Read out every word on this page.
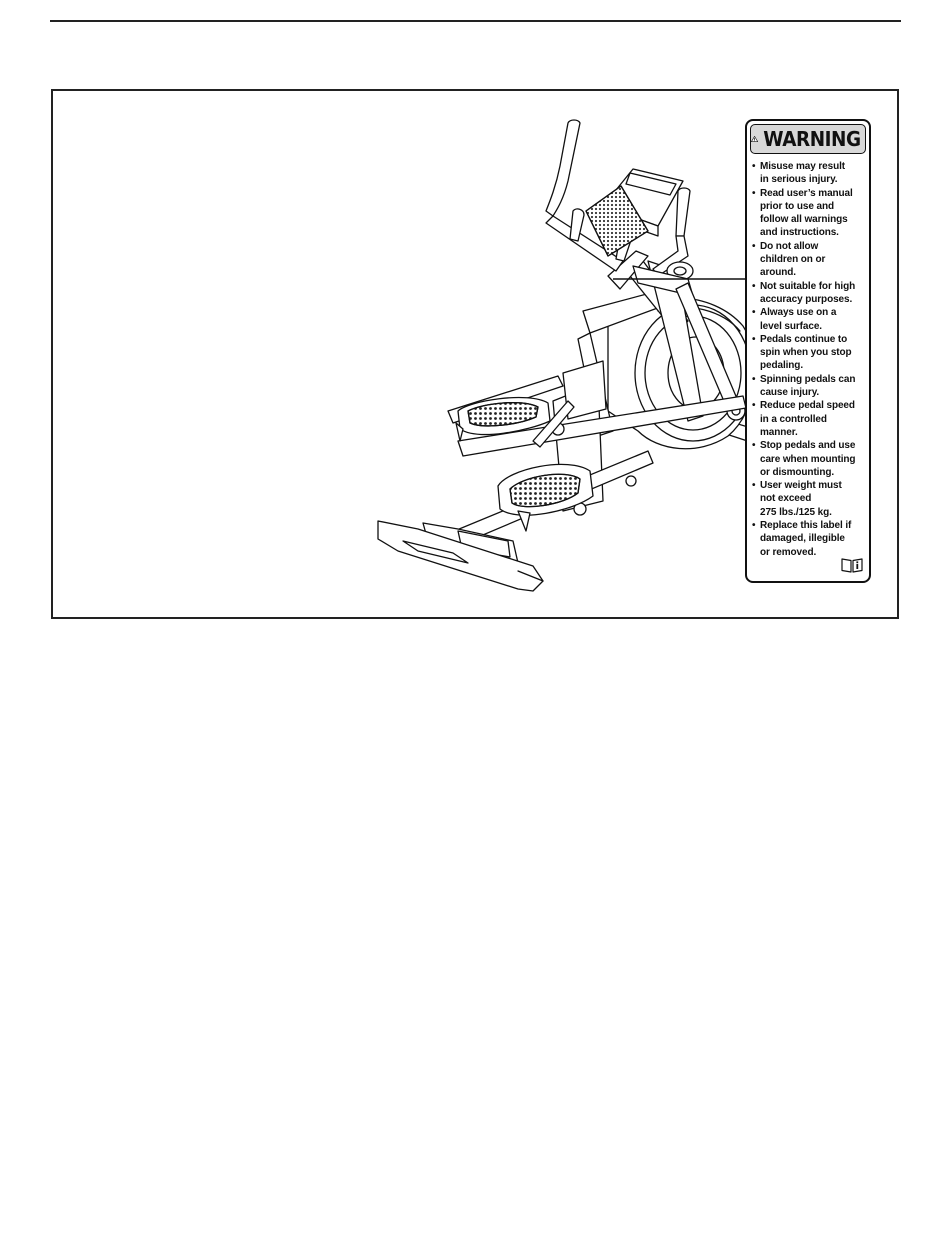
WARNING
• Misuse may result
in serious injury.
• Read user’s manual
prior to use and
follow all warnings
and instructions.
• Do not allow
children on or
around.
• Not suitable for high
accuracy purposes.
• Always use on a
level surface.
• Pedals continue to
spin when you stop
pedaling.
• Spinning pedals can
cause injury.
• Reduce pedal speed
in a controlled
manner.
• Stop pedals and use
care when mounting
or dismounting.
• User weight must
not exceed
275 lbs./125 kg.
• Replace this label if
damaged, illegible
or removed.
